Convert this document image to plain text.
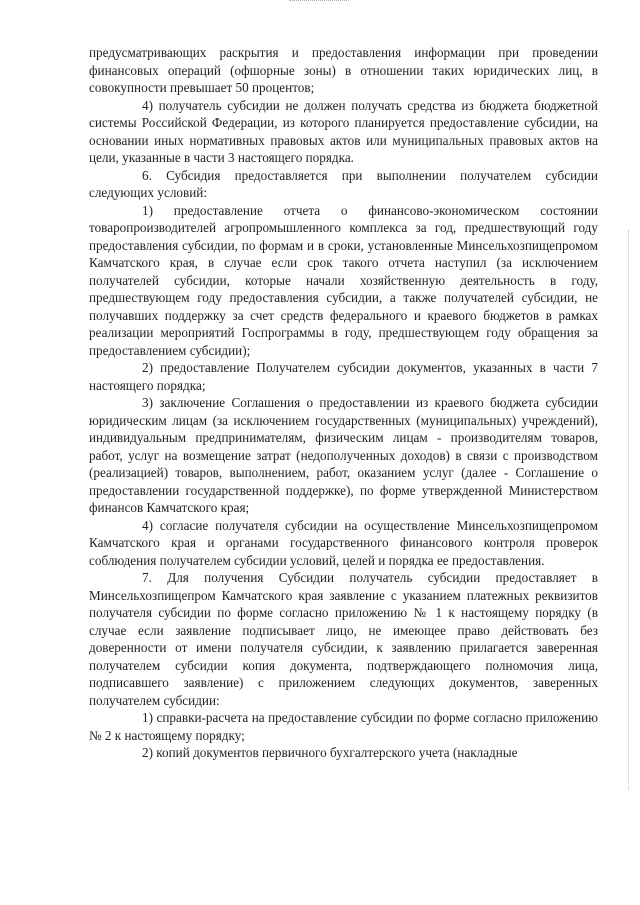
предусматривающих раскрытия и предоставления информации при проведении финансовых операций (офшорные зоны) в отношении таких юридических лиц, в совокупности превышает 50 процентов;

4) получатель субсидии не должен получать средства из бюджета бюджетной системы Российской Федерации, из которого планируется предоставление субсидии, на основании иных нормативных правовых актов или муниципальных правовых актов на цели, указанные в части 3 настоящего порядка.

6. Субсидия предоставляется при выполнении получателем субсидии следующих условий:

1) предоставление отчета о финансово-экономическом состоянии товаропроизводителей агропромышленного комплекса за год, предшествующий году предоставления субсидии, по формам и в сроки, установленные Минсельхозпищепромом Камчатского края, в случае если срок такого отчета наступил (за исключением получателей субсидии, которые начали хозяйственную деятельность в году, предшествующем году предоставления субсидии, а также получателей субсидии, не получавших поддержку за счет средств федерального и краевого бюджетов в рамках реализации мероприятий Госпрограммы в году, предшествующем году обращения за предоставлением субсидии);

2) предоставление Получателем субсидии документов, указанных в части 7 настоящего порядка;

3) заключение Соглашения о предоставлении из краевого бюджета субсидии юридическим лицам (за исключением государственных (муниципальных) учреждений), индивидуальным предпринимателям, физическим лицам - производителям товаров, работ, услуг на возмещение затрат (недополученных доходов) в связи с производством (реализацией) товаров, выполнением, работ, оказанием услуг (далее - Соглашение о предоставлении государственной поддержке), по форме утвержденной Министерством финансов Камчатского края;

4) согласие получателя субсидии на осуществление Минсельхозпищепромом Камчатского края и органами государственного финансового контроля проверок соблюдения получателем субсидии условий, целей и порядка ее предоставления.

7. Для получения Субсидии получатель субсидии предоставляет в Минсельхозпищепром Камчатского края заявление с указанием платежных реквизитов получателя субсидии по форме согласно приложению № 1 к настоящему порядку (в случае если заявление подписывает лицо, не имеющее право действовать без доверенности от имени получателя субсидии, к заявлению прилагается заверенная получателем субсидии копия документа, подтверждающего полномочия лица, подписавшего заявление) с приложением следующих документов, заверенных получателем субсидии:

1) справки-расчета на предоставление субсидии по форме согласно приложению № 2 к настоящему порядку;

2) копий документов первичного бухгалтерского учета (накладные
